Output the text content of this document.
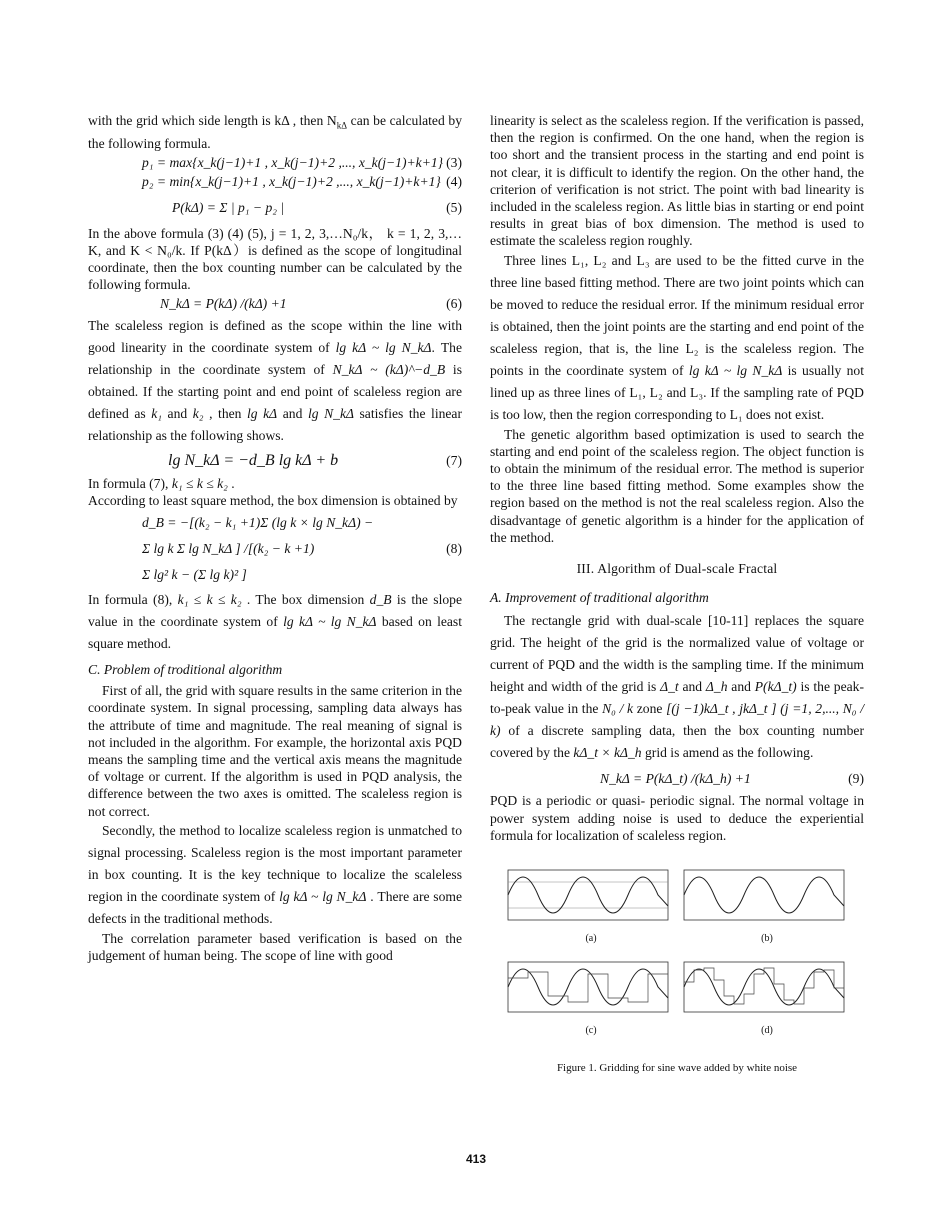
with the grid which side length is kΔ , then $N_{k\Delta}$ can be calculated by the following formula.

p₁ = max{x_k(j−1)+1 , x_k(j−1)+2 ,..., x_k(j−1)+k+1} (3)
p₂ = min{x_k(j−1)+1 , x_k(j−1)+2 ,..., x_k(j−1)+k+1} (4)
P(kΔ) = Σ | p₁ − p₂ |	(5)

In the above formula (3) (4) (5), j = 1, 2, 3,…N₀/k， k = 1, 2, 3,…K, and K < N₀/k. If P(kΔ）is defined as the scope of longitudinal coordinate, then the box counting number can be calculated by the following formula.

N_kΔ = P(kΔ) /(kΔ) +1	(6)

The scaleless region is defined as the scope within the line with good linearity in the coordinate system of lg kΔ ~ lg N_kΔ. The relationship in the coordinate system of N_kΔ ~ (kΔ)^−d_B is obtained. If the starting point and end point of scaleless region are defined as k₁ and k₂ , then lg kΔ and lg N_kΔ satisfies the linear relationship as the following shows.

lg N_kΔ = −d_B lg kΔ + b	(7)

In formula (7), k₁ ≤ k ≤ k₂ .

According to least square method, the box dimension is obtained by

d_B = −[(k₂ − k₁ +1)Σ (lg k × lg N_kΔ) −
Σ lg k Σ lg N_kΔ ] /[(k₂ − k +1)	(8)
Σ lg² k − (Σ lg k)² ]

In formula (8), k₁ ≤ k ≤ k₂ . The box dimension d_B is the slope value in the coordinate system of lg kΔ ~ lg N_kΔ based on least square method.

C. Problem of troditional algorithm

First of all, the grid with square results in the same criterion in the coordinate system. In signal processing, sampling data always has the attribute of time and magnitude. The real meaning of signal is not included in the algorithm. For example, the horizontal axis PQD means the sampling time and the vertical axis means the magnitude of voltage or current. If the algorithm is used in PQD analysis, the difference between the two axes is omitted. The scaleless region is not correct.

Secondly, the method to localize scaleless region is unmatched to signal processing. Scaleless region is the most important parameter in box counting. It is the key technique to localize the scaleless region in the coordinate system of lg kΔ ~ lg N_kΔ . There are some defects in the traditional methods.

The correlation parameter based verification is based on the judgement of human being. The scope of line with good

linearity is select as the scaleless region. If the verification is passed, then the region is confirmed. On the one hand, when the region is too short and the transient process in the starting and end point is not clear, it is difficult to identify the region. On the other hand, the criterion of verification is not strict. The point with bad linearity is included in the scaleless region. As little bias in starting or end point results in great bias of box dimension. The method is used to estimate the scaleless region roughly.

Three lines L₁, L₂ and L₃ are used to be the fitted curve in the three line based fitting method. There are two joint points which can be moved to reduce the residual error. If the minimum residual error is obtained, then the joint points are the starting and end point of the scaleless region, that is, the line L₂ is the scaleless region. The points in the coordinate system of lg kΔ ~ lg N_kΔ is usually not lined up as three lines of L₁, L₂ and L₃. If the sampling rate of PQD is too low, then the region corresponding to L₁ does not exist.

The genetic algorithm based optimization is used to search the starting and end point of the scaleless region. The object function is to obtain the minimum of the residual error. The method is superior to the three line based fitting method. Some examples show the region based on the method is not the real scaleless region. Also the disadvantage of genetic algorithm is a hinder for the application of the method.

III. Algorithm of Dual-scale Fractal

A. Improvement of traditional algorithm

The rectangle grid with dual-scale [10-11] replaces the square grid. The height of the grid is the normalized value of voltage or current of PQD and the width is the sampling time. If the minimum height and width of the grid is Δ_t and Δ_h and P(kΔ_t) is the peak-to-peak value in the N₀ / k zone [(j −1)kΔ_t , jkΔ_t ] (j =1, 2,..., N₀ / k) of a discrete sampling data, then the box counting number covered by the kΔ_t × kΔ_h grid is amend as the following.

N_kΔ = P(kΔ_t) /(kΔ_h) +1	(9)

PQD is a periodic or quasi- periodic signal. The normal voltage in power system adding noise is used to deduce the experiential formula for localization of scaleless region.

(a)	(b)
(c)	(d)

Figure 1. Gridding for sine wave added by white noise

413
